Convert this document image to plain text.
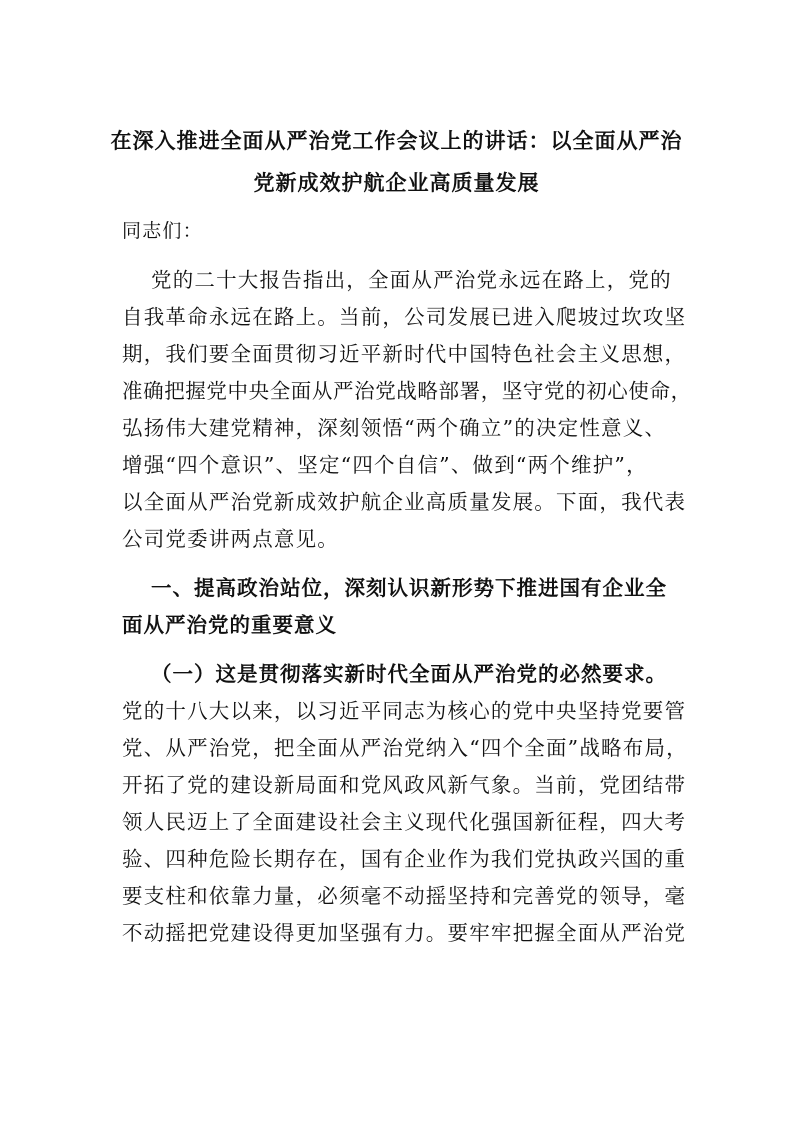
在深入推进全面从严治党工作会议上的讲话：以全面从严治
党新成效护航企业高质量发展
同志们：
党的二十大报告指出，全面从严治党永远在路上，党的
自我革命永远在路上。当前，公司发展已进入爬坡过坎攻坚
期，我们要全面贯彻习近平新时代中国特色社会主义思想，
准确把握党中央全面从严治党战略部署，坚守党的初心使命，
弘扬伟大建党精神，深刻领悟“两个确立”的决定性意义、
增强“四个意识”、坚定“四个自信”、做到“两个维护”，
以全面从严治党新成效护航企业高质量发展。下面，我代表
公司党委讲两点意见。
一、提高政治站位，深刻认识新形势下推进国有企业全
面从严治党的重要意义
（一）这是贯彻落实新时代全面从严治党的必然要求。
党的十八大以来，以习近平同志为核心的党中央坚持党要管
党、从严治党，把全面从严治党纳入“四个全面”战略布局，
开拓了党的建设新局面和党风政风新气象。当前，党团结带
领人民迈上了全面建设社会主义现代化强国新征程，四大考
验、四种危险长期存在，国有企业作为我们党执政兴国的重
要支柱和依靠力量，必须毫不动摇坚持和完善党的领导，毫
不动摇把党建设得更加坚强有力。要牢牢把握全面从严治党
